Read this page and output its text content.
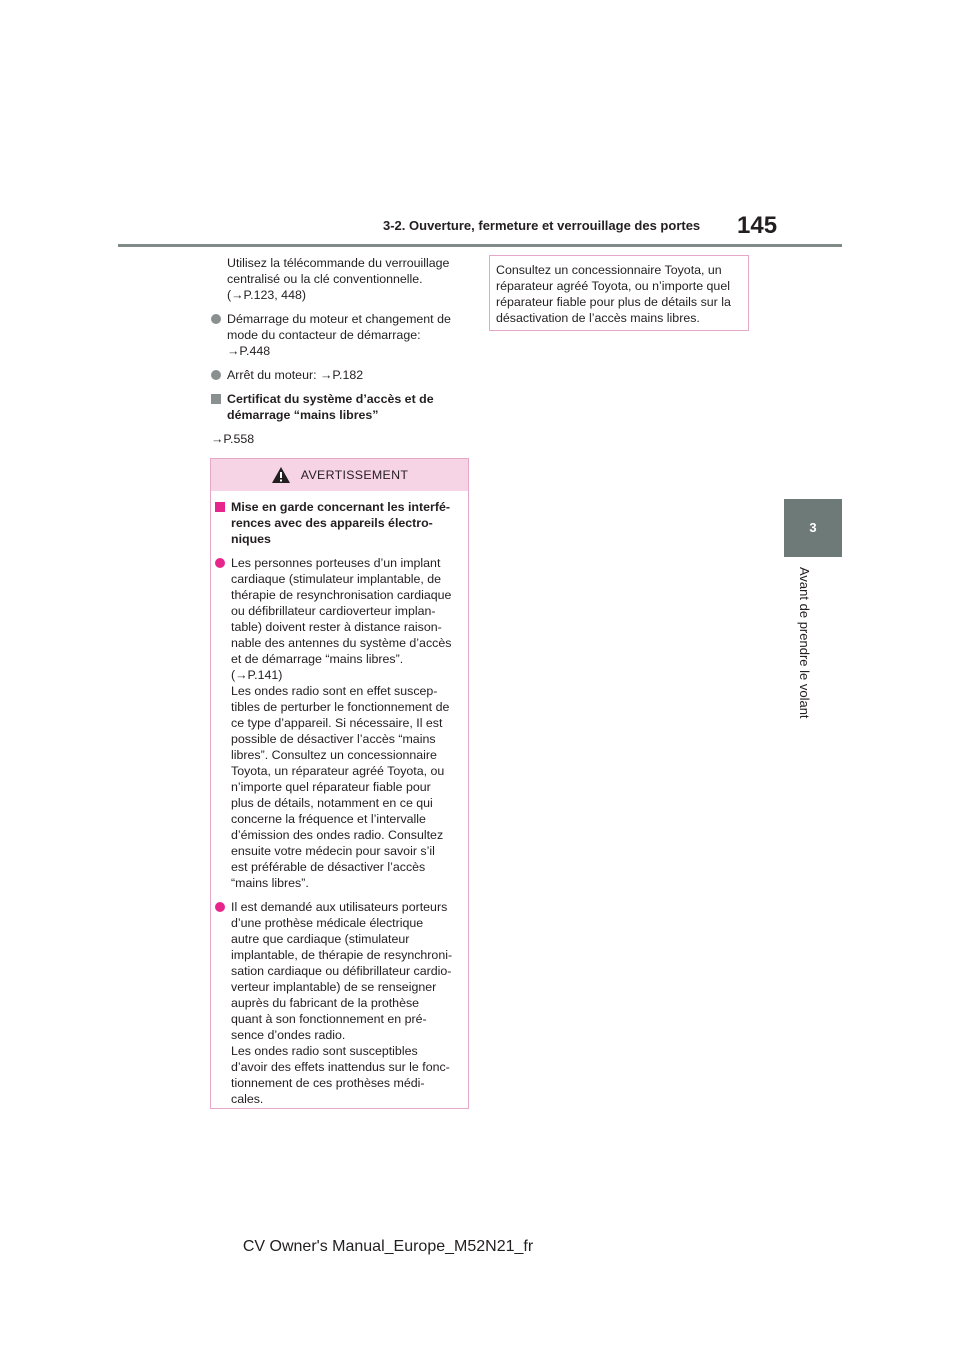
3-2. Ouverture, fermeture et verrouillage des portes 145
3
Avant de prendre le volant
Utilisez la télécommande du verrouillage
centralisé ou la clé conventionnelle.
(→P.123, 448)
Démarrage du moteur et changement de
mode du contacteur de démarrage:
→P.448
Arrêt du moteur: →P.182
Certificat du système d’accès et de
démarrage “mains libres”
→P.558
Consultez un concessionnaire Toyota, un
réparateur agréé Toyota, ou n’importe quel
réparateur fiable pour plus de détails sur la
désactivation de l’accès mains libres.
AVERTISSEMENT
Mise en garde concernant les interfé-
rences avec des appareils électro-
niques
Les personnes porteuses d’un implant
cardiaque (stimulateur implantable, de
thérapie de resynchronisation cardiaque
ou défibrillateur cardioverteur implan-
table) doivent rester à distance raison-
nable des antennes du système d’accès
et de démarrage “mains libres”.
(→P.141)
Les ondes radio sont en effet suscep-
tibles de perturber le fonctionnement de
ce type d’appareil. Si nécessaire, Il est
possible de désactiver l’accès “mains
libres”. Consultez un concessionnaire
Toyota, un réparateur agréé Toyota, ou
n’importe quel réparateur fiable pour
plus de détails, notamment en ce qui
concerne la fréquence et l’intervalle
d’émission des ondes radio. Consultez
ensuite votre médecin pour savoir s’il
est préférable de désactiver l’accès
“mains libres”.
Il est demandé aux utilisateurs porteurs
d’une prothèse médicale électrique
autre que cardiaque (stimulateur
implantable, de thérapie de resynchroni-
sation cardiaque ou défibrillateur cardio-
verteur implantable) de se renseigner
auprès du fabricant de la prothèse
quant à son fonctionnement en pré-
sence d’ondes radio.
Les ondes radio sont susceptibles
d’avoir des effets inattendus sur le fonc-
tionnement de ces prothèses médi-
cales.
CV Owner's Manual_Europe_M52N21_fr
